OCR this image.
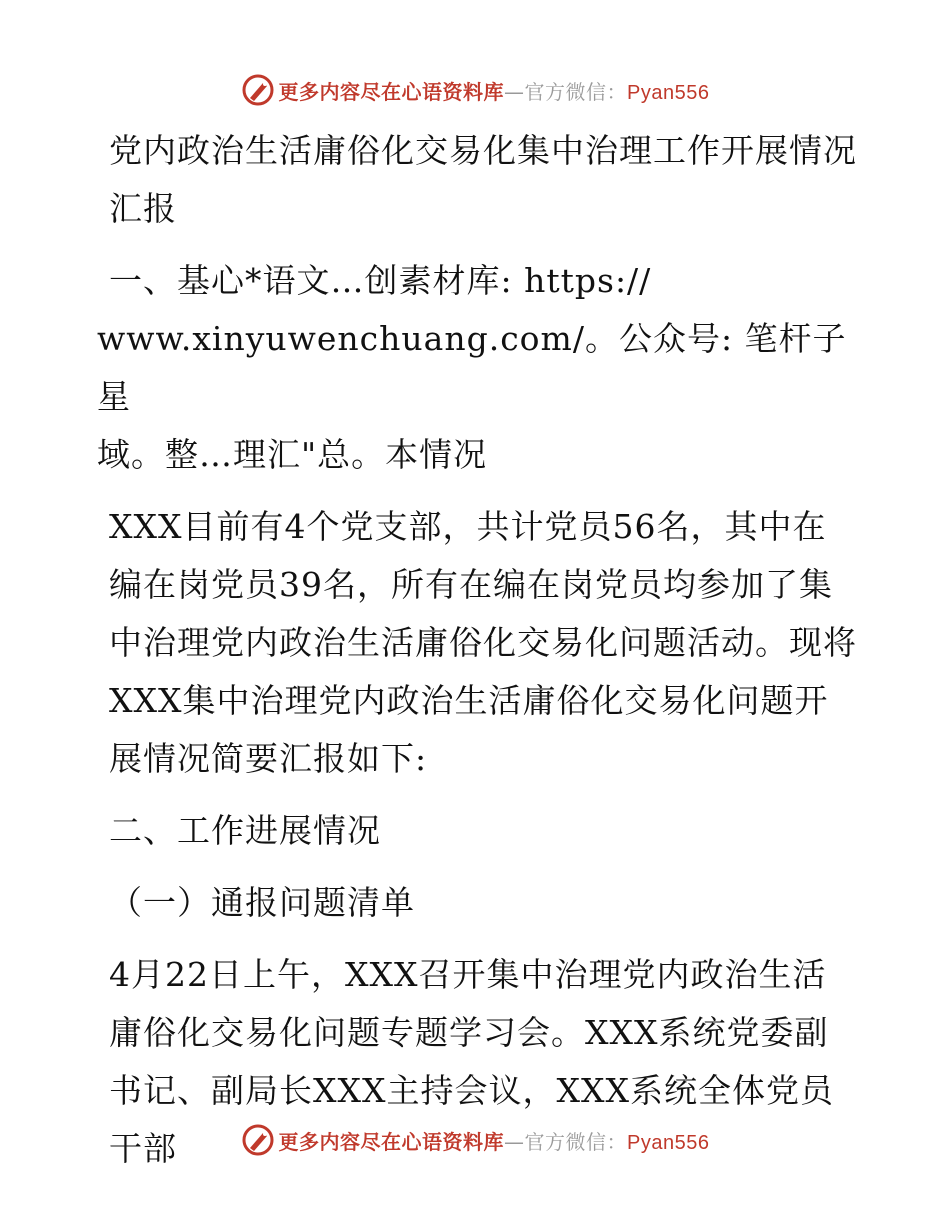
更多内容尽在心语资料库—官方微信：Pyan556

党内政治生活庸俗化交易化集中治理工作开展情况汇报

一、基心*语文…创素材库: https://

www.xinyuwenchuang.com/。公众号: 笔杆子星

域。整…理汇"总。本情况

XXX目前有4个党支部，共计党员56名，其中在编在岗党员39名，所有在编在岗党员均参加了集中治理党内政治生活庸俗化交易化问题活动。现将XXX集中治理党内政治生活庸俗化交易化问题开展情况简要汇报如下:

二、工作进展情况

（一）通报问题清单

4月22日上午，XXX召开集中治理党内政治生活庸俗化交易化问题专题学习会。XXX系统党委副书记、副局长XXX主持会议，XXX系统全体党员干部	更多内容尽在心语资料库—官方微信：Pyan556
